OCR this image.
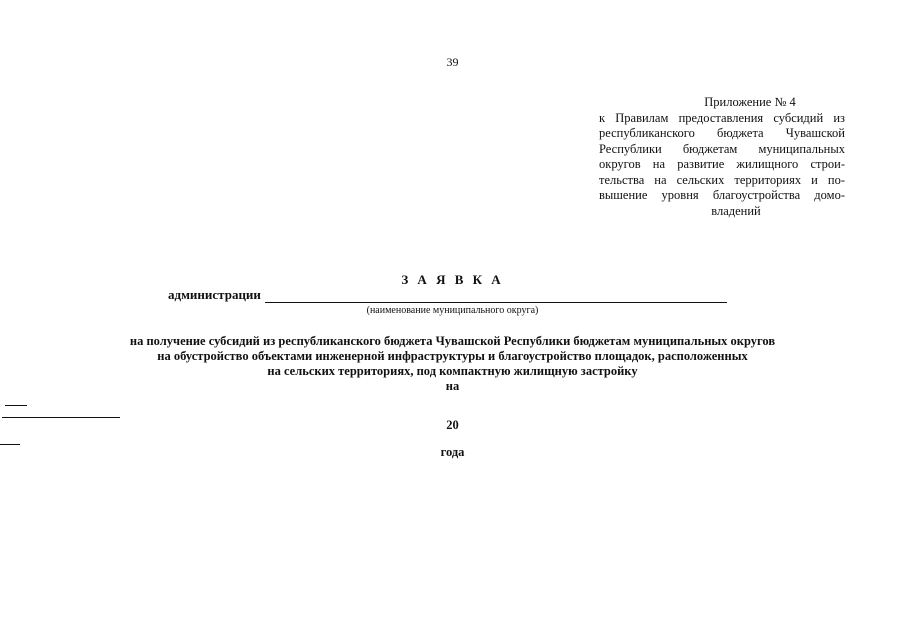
39
Приложение № 4
к Правилам предоставления субсидий из
республиканского бюджета Чувашской
Республики бюджетам муниципальных
округов на развитие жилищного строи-
тельства на сельских территориях и по-
вышение уровня благоустройства домо-
владений
З А Я В К А
администрации
(наименование муниципального округа)
на получение субсидий из республиканского бюджета Чувашской Республики бюджетам муниципальных округов
на обустройство объектами инженерной инфраструктуры и благоустройство площадок, расположенных
на сельских территориях, под компактную жилищную застройку
на
20
года
